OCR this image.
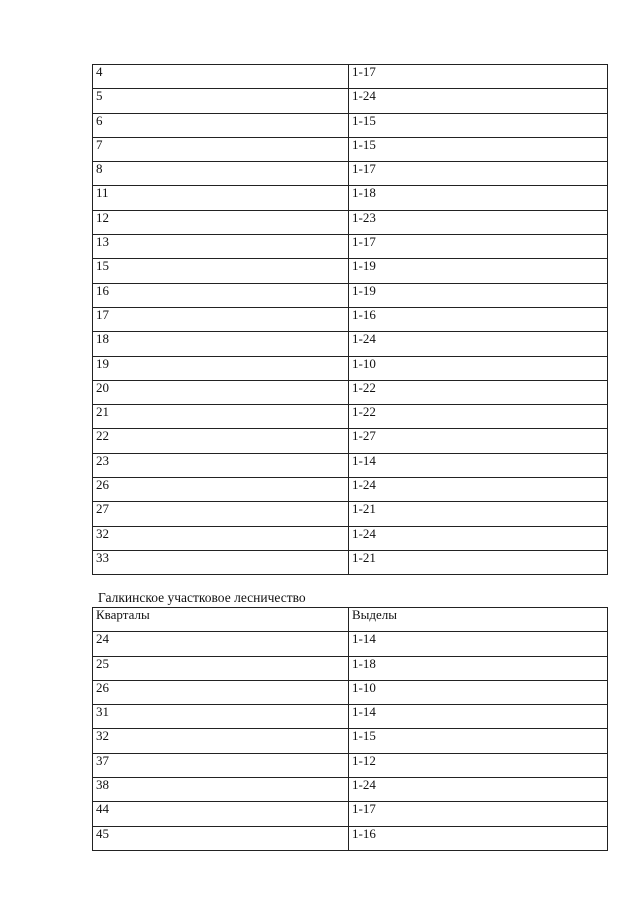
4	1-17
5	1-24
6	1-15
7	1-15
8	1-17
11	1-18
12	1-23
13	1-17
15	1-19
16	1-19
17	1-16
18	1-24
19	1-10
20	1-22
21	1-22
22	1-27
23	1-14
26	1-24
27	1-21
32	1-24
33	1-21
Галкинское участковое лесничество
Кварталы	Выделы
24	1-14
25	1-18
26	1-10
31	1-14
32	1-15
37	1-12
38	1-24
44	1-17
45	1-16
